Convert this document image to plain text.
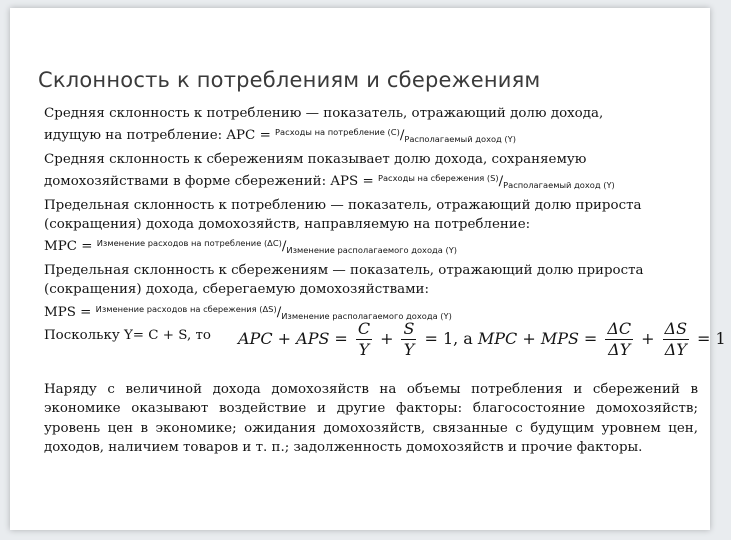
Склонность к потреблениям и сбережениям
Средняя склонность к потреблению — показатель, отражающий долю дохода,
идущую на потребление: APC = $^{Расходы на потребление (С)}/_{Располагаемый доход (Y)}$
Средняя склонность к сбережениям показывает долю дохода, сохраняемую
домохозяйствами в форме сбережений: APS = $^{Расходы на сбережения (S)}/_{Располагаемый доход (Y)}$
Предельная склонность к потреблению — показатель, отражающий долю прироста
(сокращения) дохода домохозяйств, направляемую на потребление:
MPC = $^{Изменение расходов на потребление (\Delta C)}/_{Изменение располагаемого дохода (Y)}$
Предельная склонность к сбережениям — показатель, отражающий долю прироста
(сокращения) дохода, сберегаемую домохозяйствами:
MPS = $^{Изменение расходов на сбережения (\Delta S)}/_{Изменение располагаемого дохода (Y)}$
Поскольку Y= C + S, то APC + APS = $\frac{C}{Y} + \frac{S}{Y} = 1$, а MPC + MPS = $\frac{\Delta C}{\Delta Y} + \frac{\Delta S}{\Delta Y} = 1$
Наряду с величиной дохода домохозяйств на объемы потребления и сбережений в
экономике оказывают воздействие и другие факторы: благосостояние домохозяйств;
уровень цен в экономике; ожидания домохозяйств, связанные с будущим уровнем цен,
доходов, наличием товаров и т. п.; задолженность домохозяйств и прочие факторы.
